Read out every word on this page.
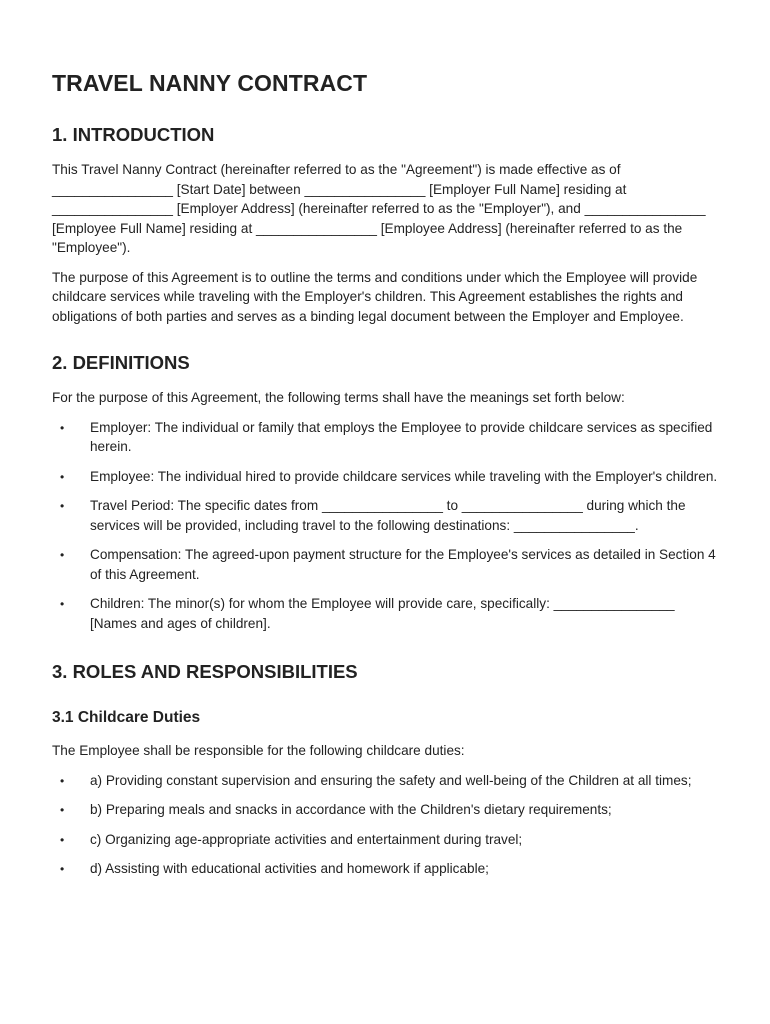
TRAVEL NANNY CONTRACT
1. INTRODUCTION

This Travel Nanny Contract (hereinafter referred to as the "Agreement") is made effective as of ________________ [Start Date] between ________________ [Employer Full Name] residing at ________________ [Employer Address] (hereinafter referred to as the "Employer"), and ________________ [Employee Full Name] residing at ________________ [Employee Address] (hereinafter referred to as the "Employee").

The purpose of this Agreement is to outline the terms and conditions under which the Employee will provide childcare services while traveling with the Employer's children. This Agreement establishes the rights and obligations of both parties and serves as a binding legal document between the Employer and Employee.

2. DEFINITIONS

For the purpose of this Agreement, the following terms shall have the meanings set forth below:

• Employer: The individual or family that employs the Employee to provide childcare services as specified herein.
• Employee: The individual hired to provide childcare services while traveling with the Employer's children.
• Travel Period: The specific dates from ________________ to ________________ during which the services will be provided, including travel to the following destinations: ________________.
• Compensation: The agreed-upon payment structure for the Employee's services as detailed in Section 4 of this Agreement.
• Children: The minor(s) for whom the Employee will provide care, specifically: ________________ [Names and ages of children].
3. ROLES AND RESPONSIBILITIES
3.1 Childcare Duties

The Employee shall be responsible for the following childcare duties:

• a) Providing constant supervision and ensuring the safety and well-being of the Children at all times;
• b) Preparing meals and snacks in accordance with the Children's dietary requirements;
• c) Organizing age-appropriate activities and entertainment during travel;
• d) Assisting with educational activities and homework if applicable;
